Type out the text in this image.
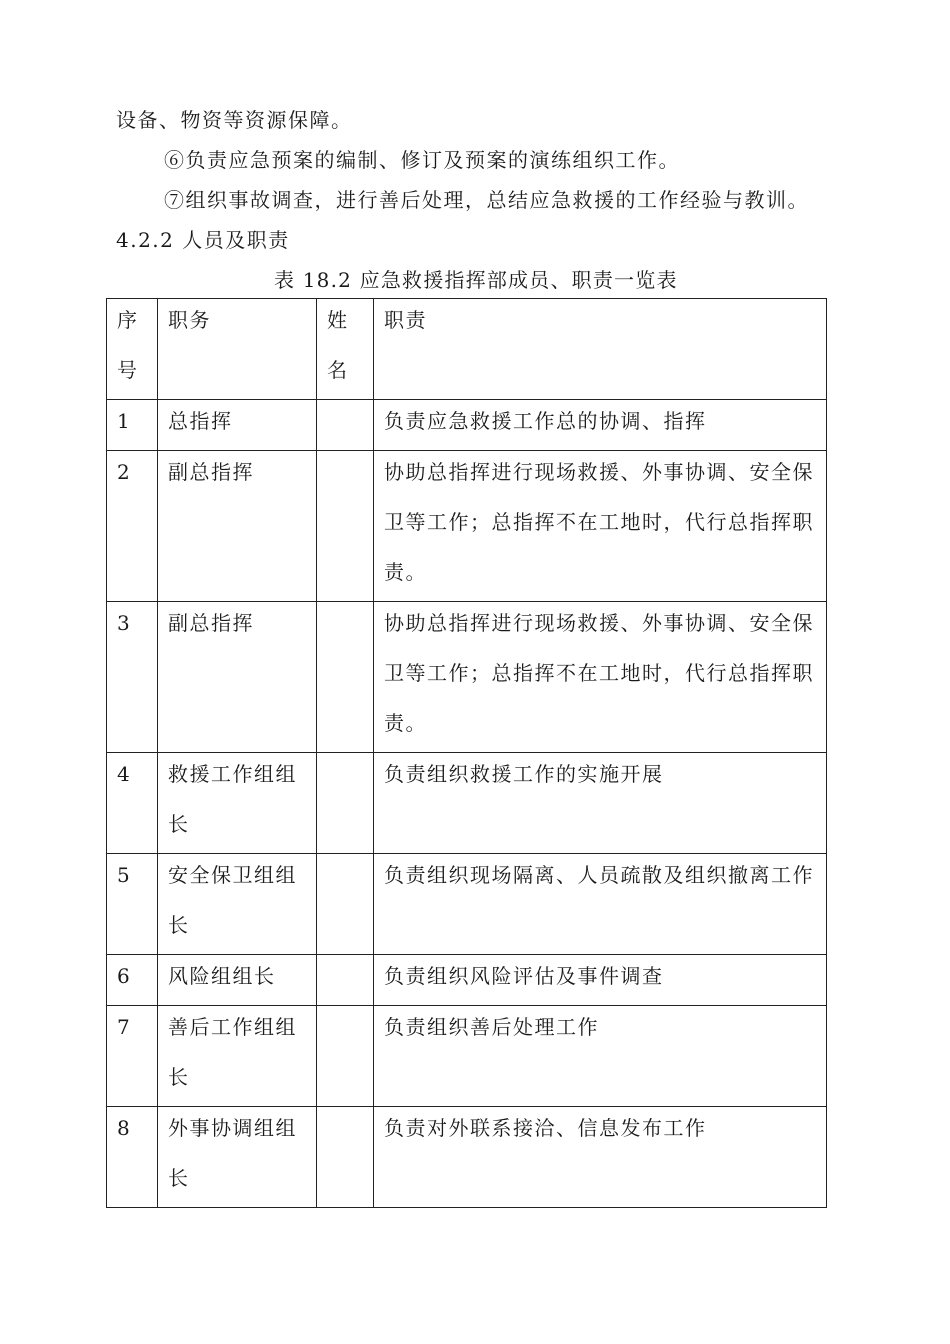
设备、物资等资源保障。
⑥负责应急预案的编制、修订及预案的演练组织工作。
⑦组织事故调查，进行善后处理，总结应急救援的工作经验与教训。
4.2.2 人员及职责
表 18.2 应急救援指挥部成员、职责一览表
序号	职务	姓名	职责

1	总指挥		负责应急救援工作总的协调、指挥

2	副总指挥		协助总指挥进行现场救援、外事协调、安全保卫等工作；总指挥不在工地时，代行总指挥职责。

3	副总指挥		协助总指挥进行现场救援、外事协调、安全保卫等工作；总指挥不在工地时，代行总指挥职责。

4	救援工作组组长		负责组织救援工作的实施开展

5	安全保卫组组长		负责组织现场隔离、人员疏散及组织撤离工作

6	风险组组长		负责组织风险评估及事件调查

7	善后工作组组长		负责组织善后处理工作

8	外事协调组组长		负责对外联系接洽、信息发布工作
